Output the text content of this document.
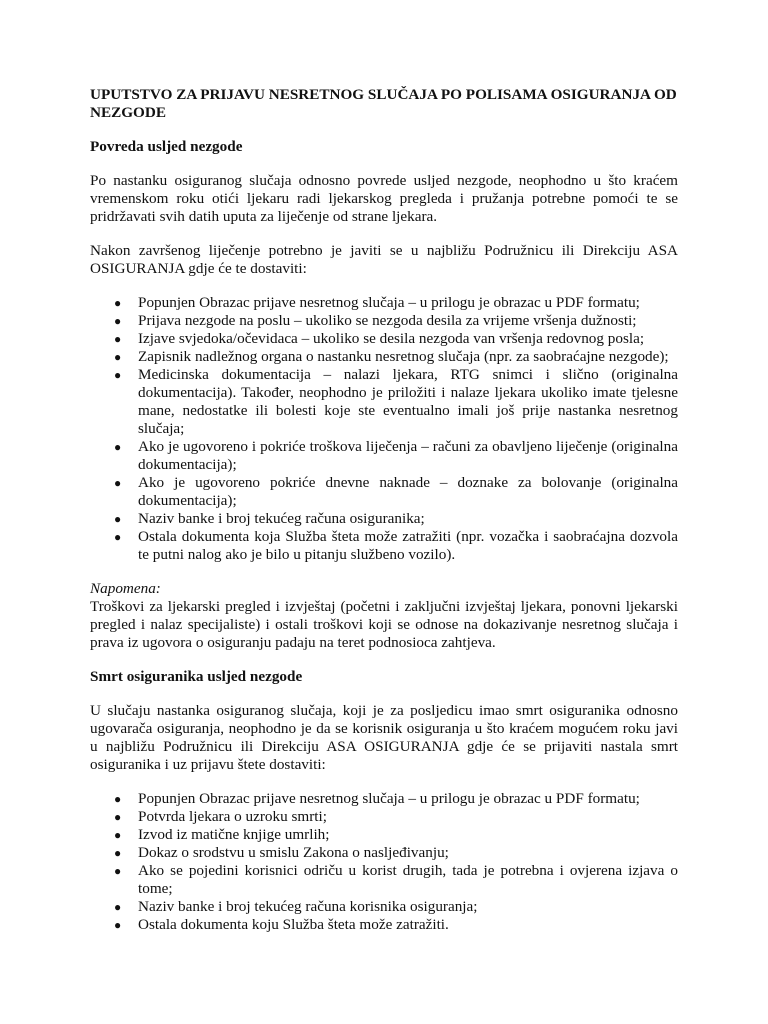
UPUTSTVO ZA PRIJAVU NESRETNOG SLUČAJA PO POLISAMA OSIGURANJA OD NEZGODE
Povreda usljed nezgode

Po nastanku osiguranog slučaja odnosno povrede usljed nezgode, neophodno u što kraćem vremenskom roku otići ljekaru radi ljekarskog pregleda i pružanja potrebne pomoći te se pridržavati svih datih uputa za liječenje od strane ljekara.

Nakon završenog liječenje potrebno je javiti se u najbližu Podružnicu ili Direkciju ASA OSIGURANJA gdje će te dostaviti:

● Popunjen Obrazac prijave nesretnog slučaja – u prilogu je obrazac u PDF formatu;
● Prijava nezgode na poslu – ukoliko se nezgoda desila za vrijeme vršenja dužnosti;
● Izjave svjedoka/očevidaca – ukoliko se desila nezgoda van vršenja redovnog posla;
● Zapisnik nadležnog organa o nastanku nesretnog slučaja (npr. za saobraćajne nezgode);
● Medicinska dokumentacija – nalazi ljekara, RTG snimci i slično (originalna dokumentacija). Također, neophodno je priložiti i nalaze ljekara ukoliko imate tjelesne mane, nedostatke ili bolesti koje ste eventualno imali još prije nastanka nesretnog slučaja;
● Ako je ugovoreno i pokriće troškova liječenja – računi za obavljeno liječenje (originalna dokumentacija);
● Ako je ugovoreno pokriće dnevne naknade – doznake za bolovanje (originalna dokumentacija);
● Naziv banke i broj tekućeg računa osiguranika;
● Ostala dokumenta koja Služba šteta može zatražiti (npr. vozačka i saobraćajna dozvola te putni nalog ako je bilo u pitanju službeno vozilo).
Napomena:
Troškovi za ljekarski pregled i izvještaj (početni i zaključni izvještaj ljekara, ponovni ljekarski pregled i nalaz specijaliste) i ostali troškovi koji se odnose na dokazivanje nesretnog slučaja i prava iz ugovora o osiguranju padaju na teret podnosioca zahtjeva.
Smrt osiguranika usljed nezgode

U slučaju nastanka osiguranog slučaja, koji je za posljedicu imao smrt osiguranika odnosno ugovarača osiguranja, neophodno je da se korisnik osiguranja u što kraćem mogućem roku javi u najbližu Podružnicu ili Direkciju ASA OSIGURANJA gdje će se prijaviti nastala smrt osiguranika i uz prijavu štete dostaviti:

● Popunjen Obrazac prijave nesretnog slučaja – u prilogu je obrazac u PDF formatu;
● Potvrda ljekara o uzroku smrti;
● Izvod iz matične knjige umrlih;
● Dokaz o srodstvu u smislu Zakona o nasljeđivanju;
● Ako se pojedini korisnici odriču u korist drugih, tada je potrebna i ovjerena izjava o tome;
● Naziv banke i broj tekućeg računa korisnika osiguranja;
● Ostala dokumenta koju Služba šteta može zatražiti.
